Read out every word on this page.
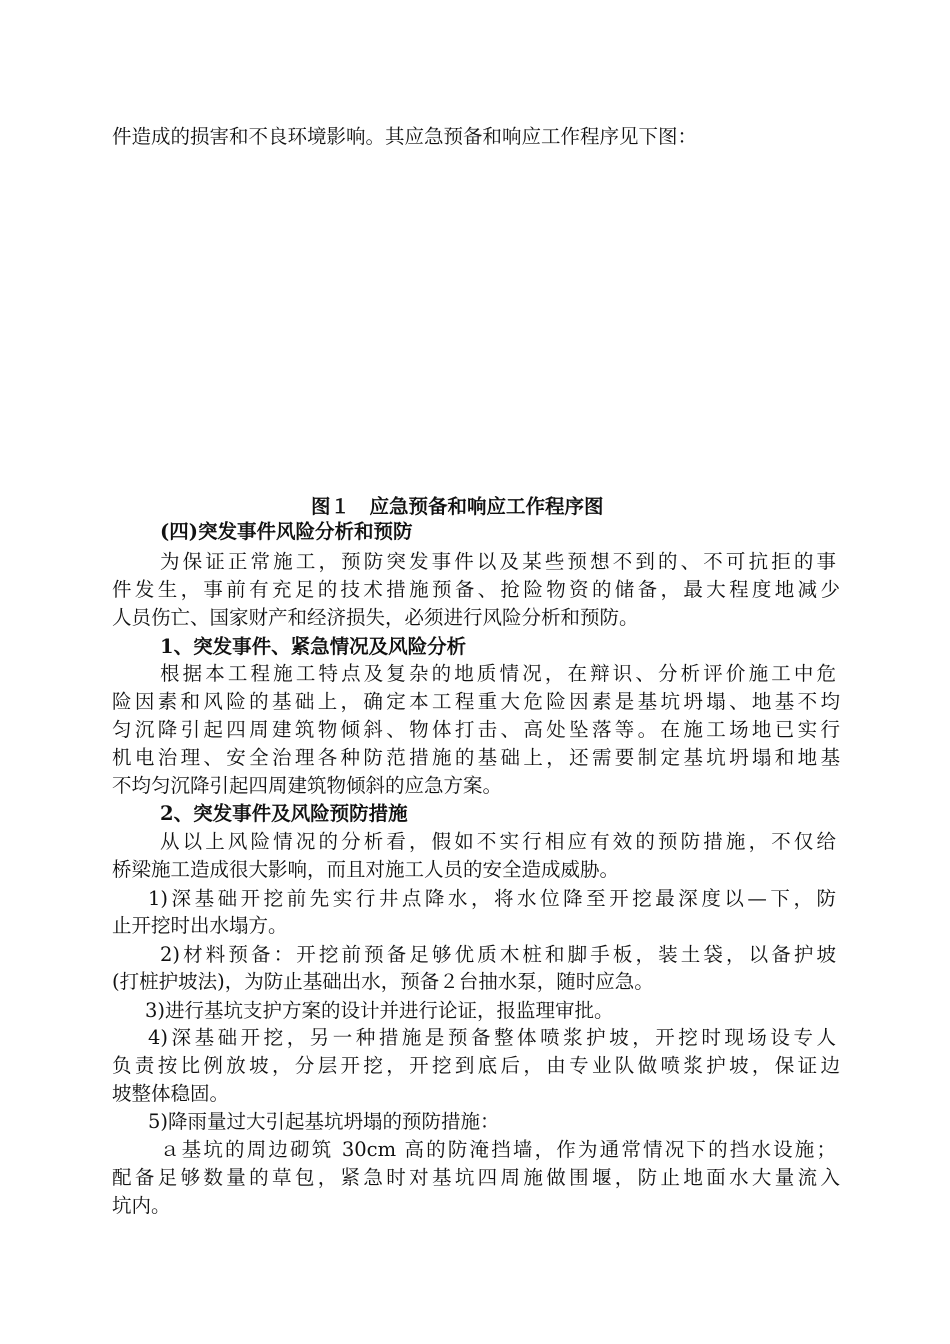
件造成的损害和不良环境影响。其应急预备和响应工作程序见下图：
图１　应急预备和响应工作程序图
(四)突发事件风险分析和预防
为保证正常施工，预防突发事件以及某些预想不到的、不可抗拒的事
件发生，事前有充足的技术措施预备、抢险物资的储备，最大程度地减少
人员伤亡、国家财产和经济损失，必须进行风险分析和预防。
1、突发事件、紧急情况及风险分析
根据本工程施工特点及复杂的地质情况，在辩识、分析评价施工中危
险因素和风险的基础上，确定本工程重大危险因素是基坑坍塌、地基不均
匀沉降引起四周建筑物倾斜、物体打击、高处坠落等。在施工场地已实行
机电治理、安全治理各种防范措施的基础上，还需要制定基坑坍塌和地基
不均匀沉降引起四周建筑物倾斜的应急方案。
2、突发事件及风险预防措施
从以上风险情况的分析看，假如不实行相应有效的预防措施，不仅给
桥梁施工造成很大影响，而且对施工人员的安全造成威胁。
1)深基础开挖前先实行井点降水，将水位降至开挖最深度以—下，防
止开挖时出水塌方。
2)材料预备：开挖前预备足够优质木桩和脚手板，装土袋，以备护坡
(打桩护坡法)，为防止基础出水，预备２台抽水泵，随时应急。
3)进行基坑支护方案的设计并进行论证，报监理审批。
4)深基础开挖，另一种措施是预备整体喷浆护坡，开挖时现场设专人
负责按比例放坡，分层开挖，开挖到底后，由专业队做喷浆护坡，保证边
坡整体稳固。
5)降雨量过大引起基坑坍塌的预防措施：
ａ基坑的周边砌筑 30cm 高的防淹挡墙，作为通常情况下的挡水设施；
配备足够数量的草包，紧急时对基坑四周施做围堰，防止地面水大量流入
坑内。
